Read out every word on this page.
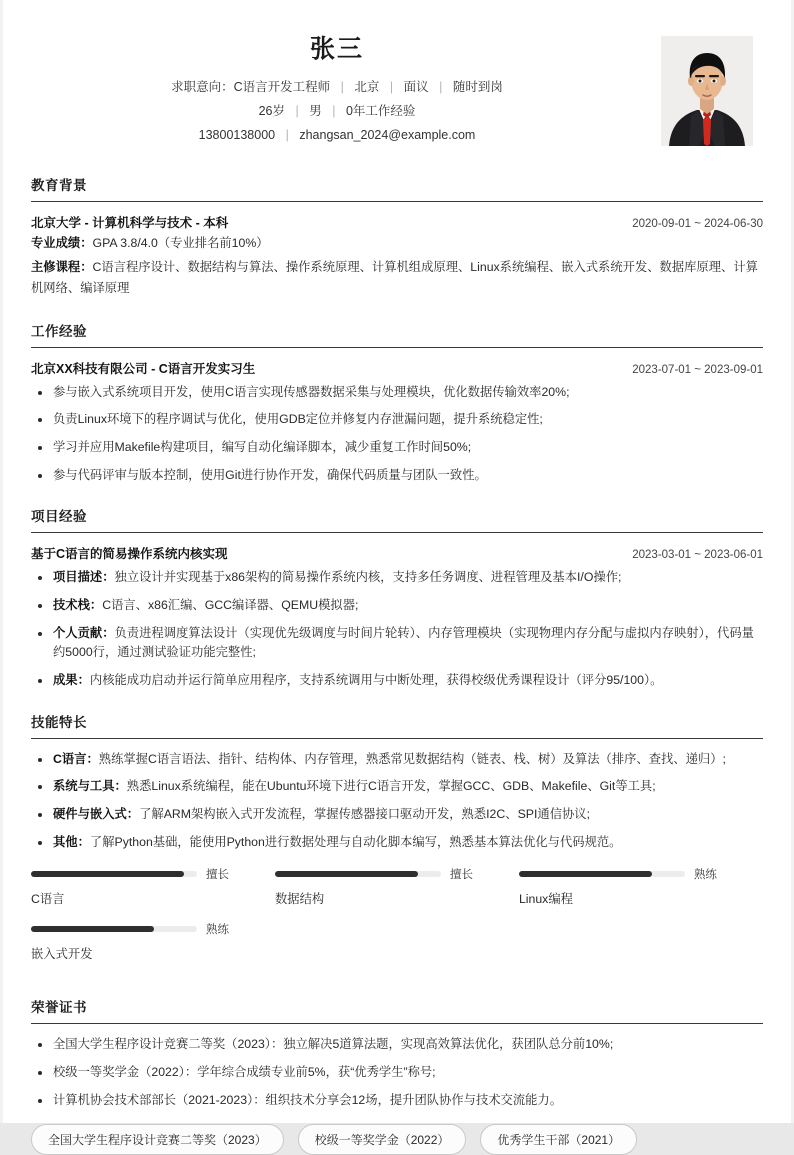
张三
求职意向：C语言开发工程师 | 北京 | 面议 | 随时到岗
26岁 | 男 | 0年工作经验
13800138000 | zhangsan_2024@example.com
教育背景
北京大学 - 计算机科学与技术 - 本科	2020-09-01 ~ 2024-06-30
专业成绩：GPA 3.8/4.0（专业排名前10%）
主修课程：C语言程序设计、数据结构与算法、操作系统原理、计算机组成原理、Linux系统编程、嵌入式系统开发、数据库原理、计算机网络、编译原理
工作经验
北京XX科技有限公司 - C语言开发实习生	2023-07-01 ~ 2023-09-01
参与嵌入式系统项目开发，使用C语言实现传感器数据采集与处理模块，优化数据传输效率20%;
负责Linux环境下的程序调试与优化，使用GDB定位并修复内存泄漏问题，提升系统稳定性;
学习并应用Makefile构建项目，编写自动化编译脚本，减少重复工作时间50%;
参与代码评审与版本控制，使用Git进行协作开发，确保代码质量与团队一致性。
项目经验
基于C语言的简易操作系统内核实现	2023-03-01 ~ 2023-06-01
项目描述：独立设计并实现基于x86架构的简易操作系统内核，支持多任务调度、进程管理及基本I/O操作;
技术栈：C语言、x86汇编、GCC编译器、QEMU模拟器;
个人贡献：负责进程调度算法设计（实现优先级调度与时间片轮转）、内存管理模块（实现物理内存分配与虚拟内存映射），代码量约5000行，通过测试验证功能完整性;
成果：内核能成功启动并运行简单应用程序，支持系统调用与中断处理，获得校级优秀课程设计（评分95/100）。
技能特长
C语言：熟练掌握C语言语法、指针、结构体、内存管理，熟悉常见数据结构（链表、栈、树）及算法（排序、查找、递归）;
系统与工具：熟悉Linux系统编程，能在Ubuntu环境下进行C语言开发，掌握GCC、GDB、Makefile、Git等工具;
硬件与嵌入式：了解ARM架构嵌入式开发流程，掌握传感器接口驱动开发，熟悉I2C、SPI通信协议;
其他：了解Python基础，能使用Python进行数据处理与自动化脚本编写，熟悉基本算法优化与代码规范。
擅长
C语言
擅长
数据结构
熟练
Linux编程
熟练
嵌入式开发
荣誉证书
全国大学生程序设计竞赛二等奖（2023）：独立解决5道算法题，实现高效算法优化，获团队总分前10%;
校级一等奖学金（2022）：学年综合成绩专业前5%，获“优秀学生”称号;
计算机协会技术部部长（2021-2023）：组织技术分享会12场，提升团队协作与技术交流能力。
全国大学生程序设计竞赛二等奖（2023）	校级一等奖学金（2022）	优秀学生干部（2021）
